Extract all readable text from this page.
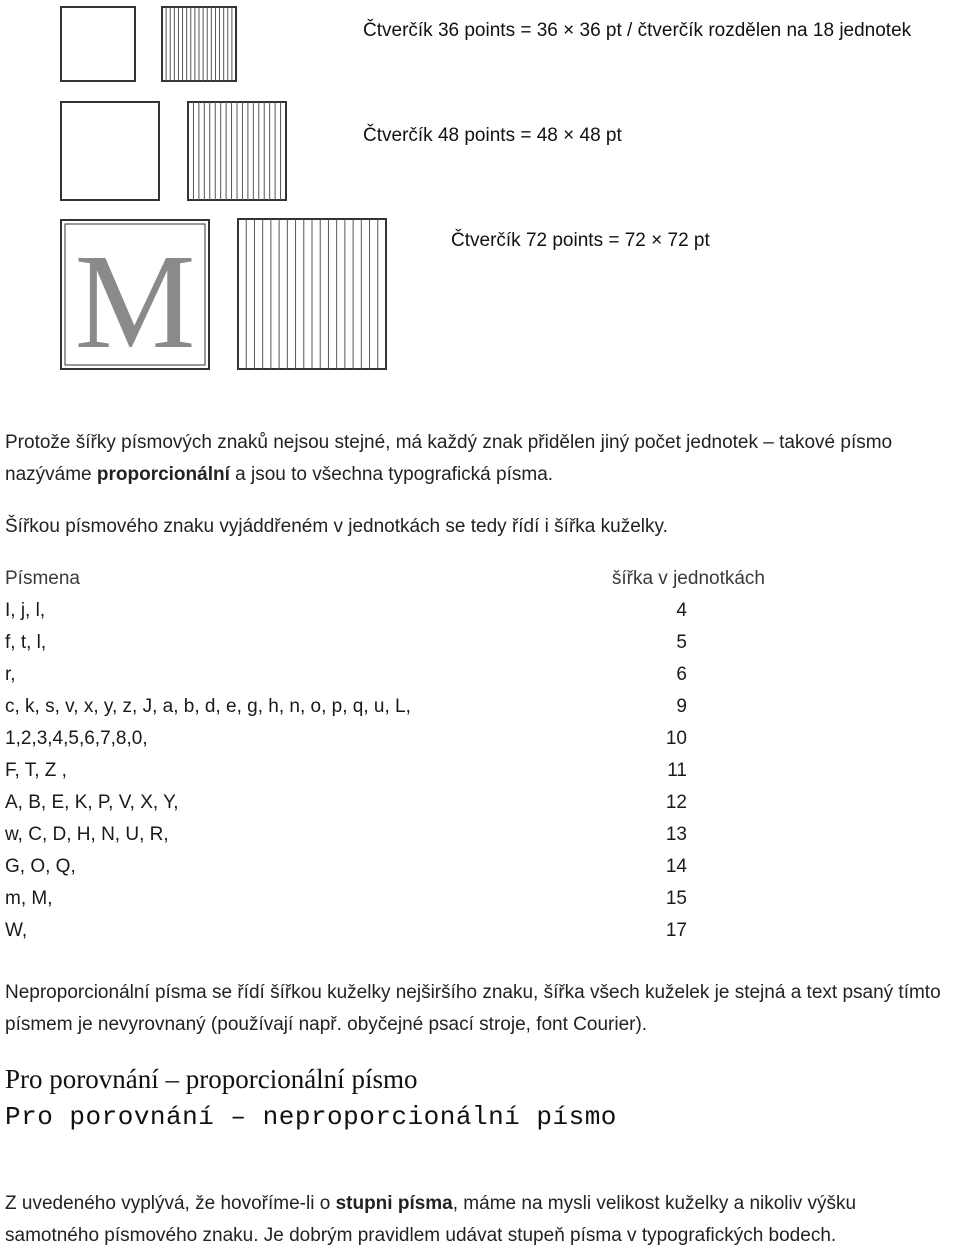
M
Čtverčík 36 points = 36 × 36 pt / čtverčík rozdělen na 18 jednotek
Čtverčík 48 points = 48 × 48 pt
Čtverčík 72 points = 72 × 72 pt
Protože šířky písmových znaků nejsou stejné, má každý znak přidělen jiný počet jednotek – takové písmo nazýváme proporcionální a jsou to všechna typografická písma.
Šířkou písmového znaku vyjáddřeném v jednotkách se tedy řídí i šířka kuželky.
Písmena	šířka v jednotkách
I, j, l,	4
f, t, l,	5
r,	6
c, k, s, v, x, y, z, J, a, b, d, e, g, h, n, o, p, q, u, L,	9
1,2,3,4,5,6,7,8,0,	10
F, T, Z ,	11
A, B, E, K, P, V, X, Y,	12
w, C, D, H, N, U, R,	13
G, O, Q,	14
m, M,	15
W,	17
Neproporcionální písma se řídí šířkou kuželky nejširšího znaku, šířka všech kuželek je stejná a text psaný tímto písmem je nevyrovnaný (používají např. obyčejné psací stroje, font Courier).
Pro porovnání – proporcionální písmo
Pro porovnání – neproporcionální písmo
Z uvedeného vyplývá, že hovoříme-li o stupni písma, máme na mysli velikost kuželky a nikoliv výšku samotného písmového znaku. Je dobrým pravidlem udávat stupeň písma v typografických bodech.
